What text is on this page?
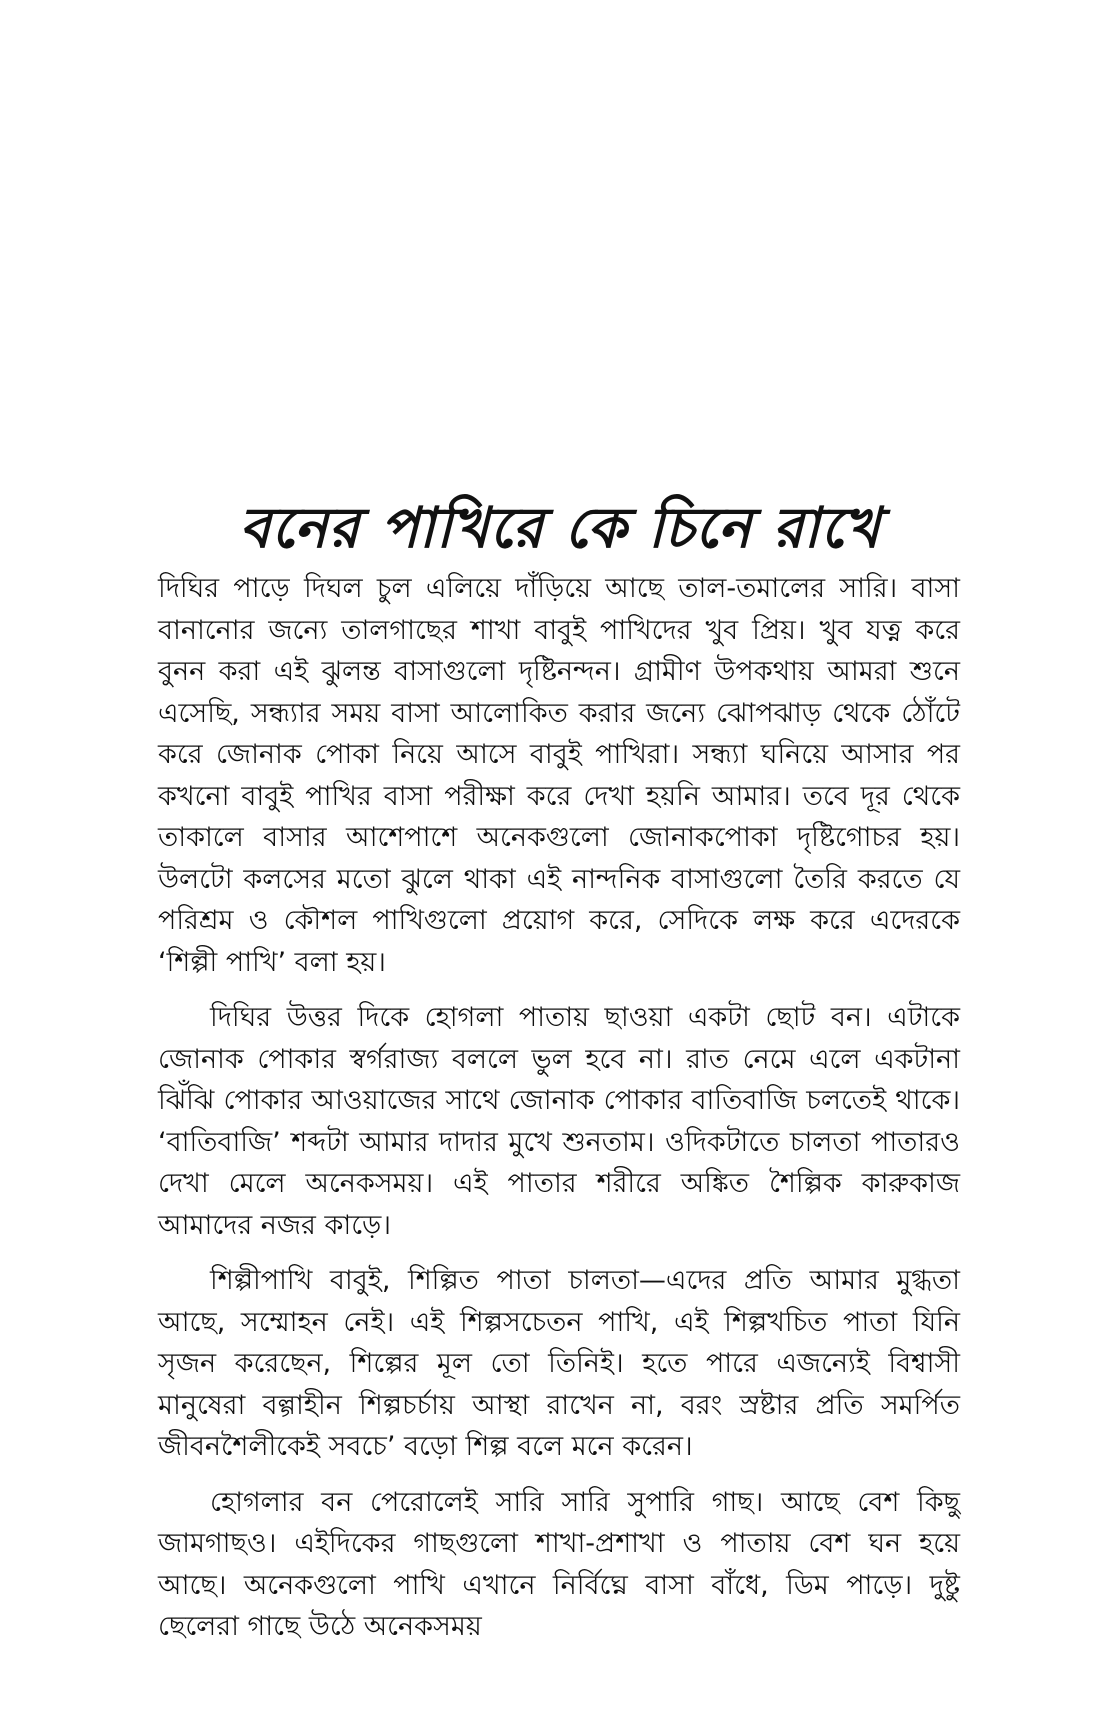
বনের পাখিরে কে চিনে রাখে

দিঘির পাড়ে দিঘল চুল এলিয়ে দাঁড়িয়ে আছে তাল-তমালের সারি। বাসা বানানোর জন্যে তালগাছের শাখা বাবুই পাখিদের খুব প্রিয়। খুব যত্ন করে বুনন করা এই ঝুলন্ত বাসাগুলো দৃষ্টিনন্দন। গ্রামীণ উপকথায় আমরা শুনে এসেছি, সন্ধ্যার সময় বাসা আলোকিত করার জন্যে ঝোপঝাড় থেকে ঠোঁটে করে জোনাক পোকা নিয়ে আসে বাবুই পাখিরা। সন্ধ্যা ঘনিয়ে আসার পর কখনো বাবুই পাখির বাসা পরীক্ষা করে দেখা হয়নি আমার। তবে দূর থেকে তাকালে বাসার আশেপাশে অনেকগুলো জোনাকপোকা দৃষ্টিগোচর হয়। উলটো কলসের মতো ঝুলে থাকা এই নান্দনিক বাসাগুলো তৈরি করতে যে পরিশ্রম ও কৌশল পাখিগুলো প্রয়োগ করে, সেদিকে লক্ষ করে এদেরকে ‘শিল্পী পাখি’ বলা হয়।

দিঘির উত্তর দিকে হোগলা পাতায় ছাওয়া একটা ছোট বন। এটাকে জোনাক পোকার স্বর্গরাজ্য বললে ভুল হবে না। রাত নেমে এলে একটানা ঝিঁঝি পোকার আওয়াজের সাথে জোনাক পোকার বাতিবাজি চলতেই থাকে। ‘বাতিবাজি’ শব্দটা আমার দাদার মুখে শুনতাম। ওদিকটাতে চালতা পাতারও দেখা মেলে অনেকসময়। এই পাতার শরীরে অঙ্কিত শৈল্পিক কারুকাজ আমাদের নজর কাড়ে।

শিল্পীপাখি বাবুই, শিল্পিত পাতা চালতা—এদের প্রতি আমার মুগ্ধতা আছে, সম্মোহন নেই। এই শিল্পসচেতন পাখি, এই শিল্পখচিত পাতা যিনি সৃজন করেছেন, শিল্পের মূল তো তিনিই। হতে পারে এজন্যেই বিশ্বাসী মানুষেরা বল্গাহীন শিল্পচর্চায় আস্থা রাখেন না, বরং স্রষ্টার প্রতি সমর্পিত জীবনশৈলীকেই সবচে’ বড়ো শিল্প বলে মনে করেন।

হোগলার বন পেরোলেই সারি সারি সুপারি গাছ। আছে বেশ কিছু জামগাছও। এইদিকের গাছগুলো শাখা-প্রশাখা ও পাতায় বেশ ঘন হয়ে আছে। অনেকগুলো পাখি এখানে নির্বিঘ্নে বাসা বাঁধে, ডিম পাড়ে। দুষ্টু ছেলেরা গাছে উঠে অনেকসময়
